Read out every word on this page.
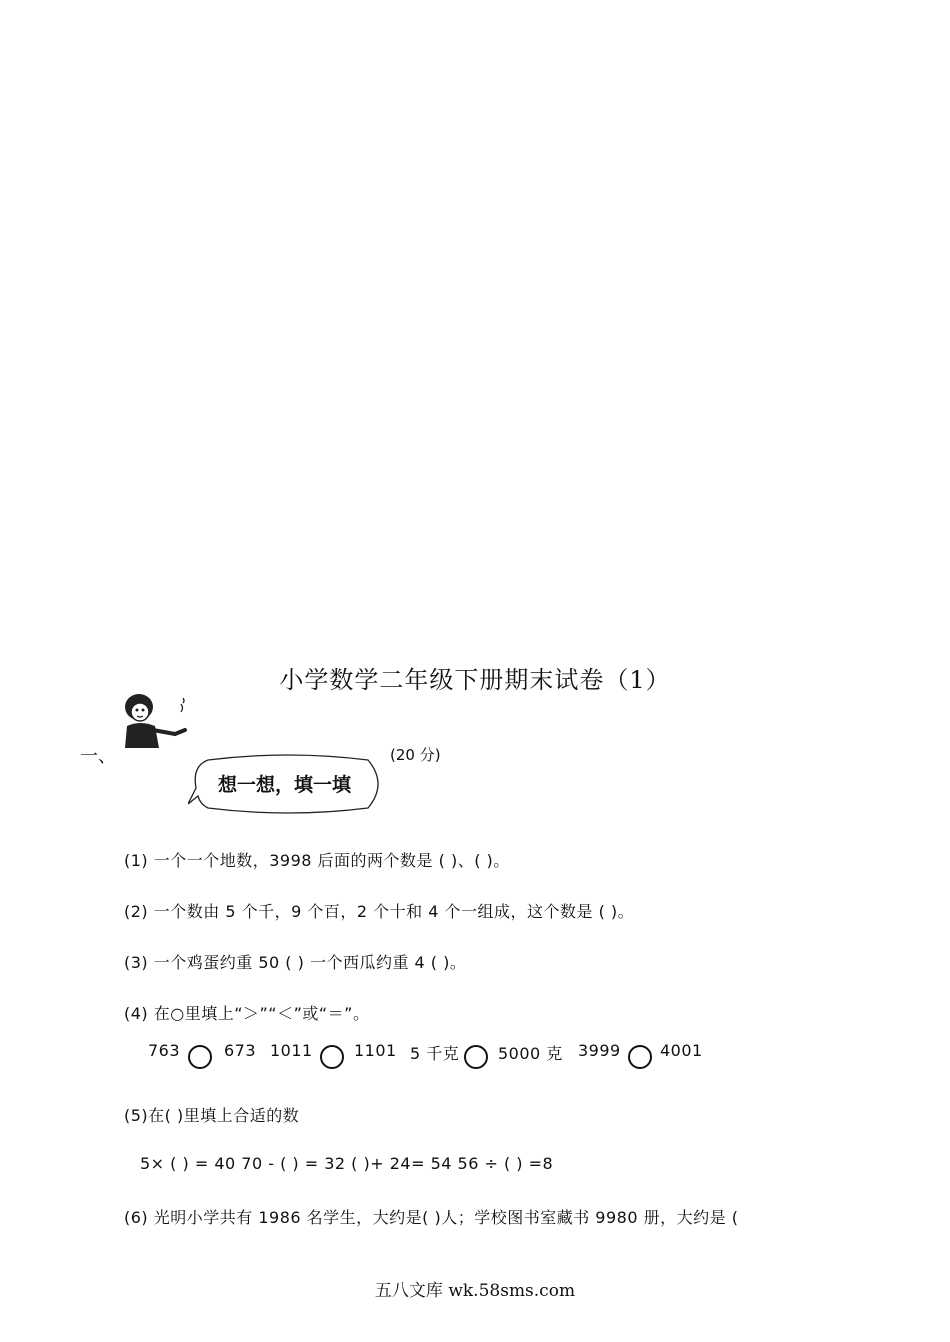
小学数学二年级下册期末试卷（1）
一、
想一想，填一填
(20 分)
(1) 一个一个地数，3998 后面的两个数是 ( )、( )。
(2) 一个数由 5 个千，9 个百，2 个十和 4 个一组成，这个数是 ( )。
(3) 一个鸡蛋约重 50 ( ) 一个西瓜约重 4 ( )。
(4) 在○里填上“＞”“＜”或“＝”。
763	673 1011	1101 5 千克 5000 克 3999 4001
(5)在( )里填上合适的数
5× ( ) = 40 70 - ( ) = 32 ( )+ 24= 54 56 ÷ ( ) =8
(6) 光明小学共有 1986 名学生，大约是( )人；学校图书室藏书 9980 册，大约是 (
五八文库 wk.58sms.com
